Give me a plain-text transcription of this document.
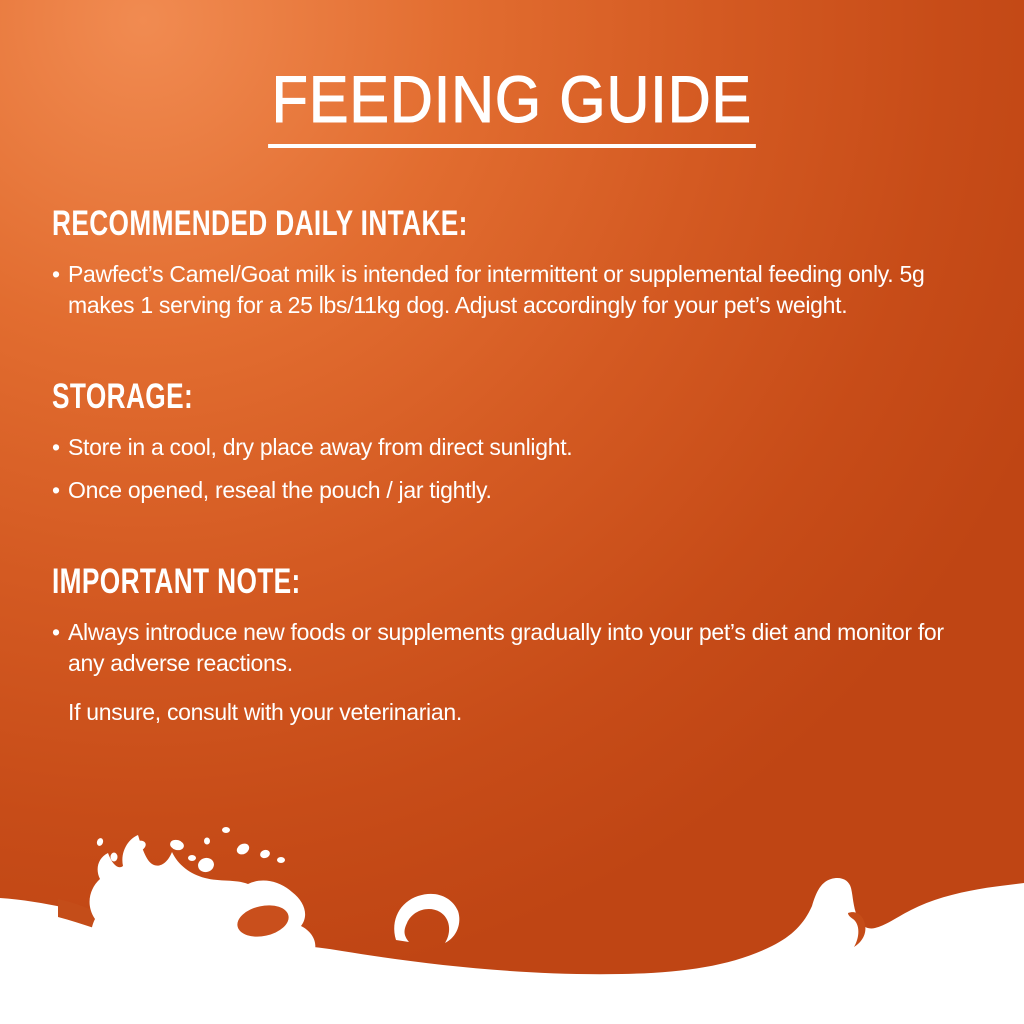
FEEDING GUIDE
RECOMMENDED DAILY INTAKE:
• Pawfect’s Camel/Goat milk is intended for intermittent or supplemental feeding only. 5g makes 1 serving for a 25 lbs/11kg dog. Adjust accordingly for your pet’s weight.

STORAGE:
• Store in a cool, dry place away from direct sunlight.

• Once opened, reseal the pouch / jar tightly.

IMPORTANT NOTE:
• Always introduce new foods or supplements gradually into your pet’s diet and monitor for any adverse reactions.

If unsure, consult with your veterinarian.
